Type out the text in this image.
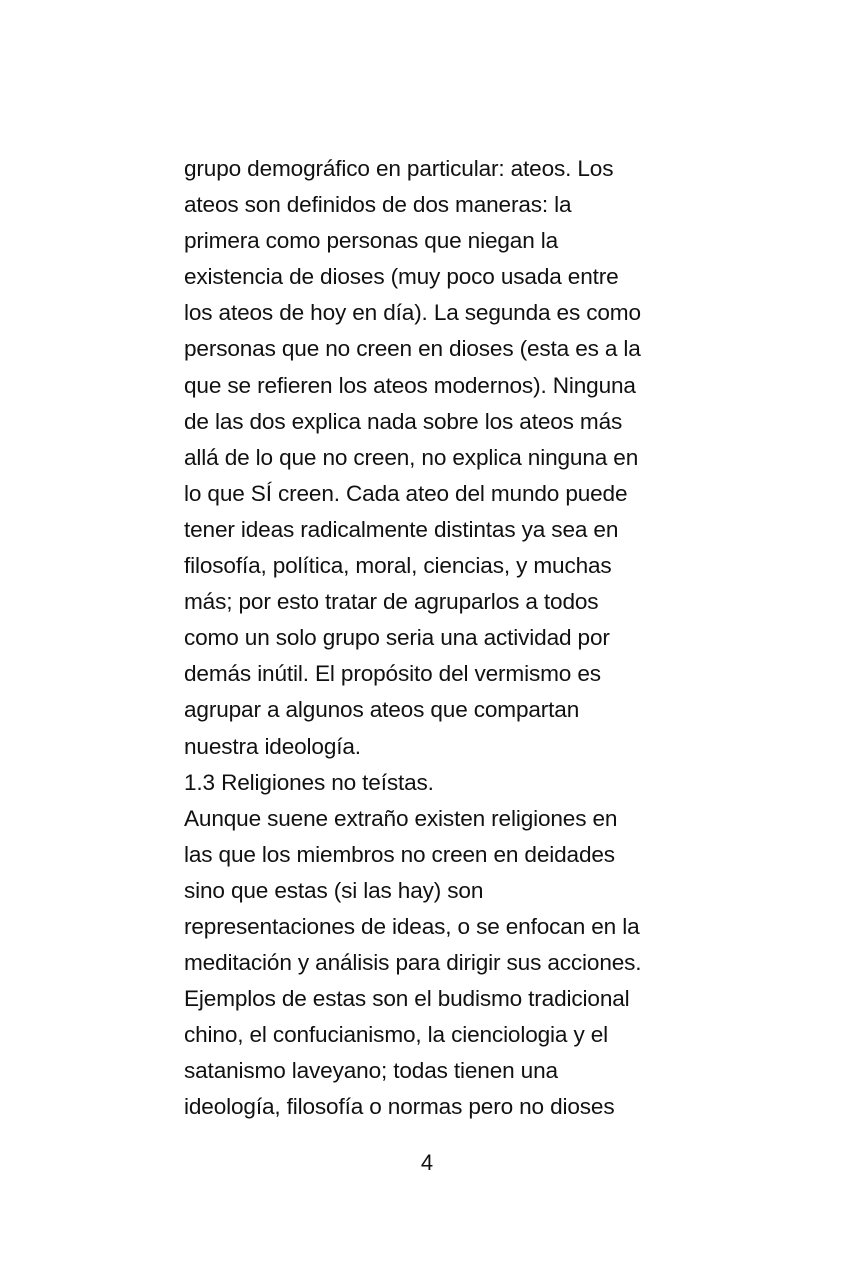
grupo demográfico en particular: ateos. Los
ateos son definidos de dos maneras: la
primera como personas que niegan la
existencia de dioses (muy poco usada entre
los ateos de hoy en día). La segunda es como
personas que no creen en dioses (esta es a la
que se refieren los ateos modernos). Ninguna
de las dos explica nada sobre los ateos más
allá de lo que no creen, no explica ninguna en
lo que SÍ creen. Cada ateo del mundo puede
tener ideas radicalmente distintas ya sea en
filosofía, política, moral, ciencias, y muchas
más; por esto tratar de agruparlos a todos
como un solo grupo seria una actividad por
demás inútil. El propósito del vermismo es
agrupar a algunos ateos que compartan
nuestra ideología.
1.3 Religiones no teístas.
Aunque suene extraño existen religiones en
las que los miembros no creen en deidades
sino que estas (si las hay) son
representaciones de ideas, o se enfocan en la
meditación y análisis para dirigir sus acciones.
Ejemplos de estas son el budismo tradicional
chino, el confucianismo, la cienciologia y el
satanismo laveyano; todas tienen una
ideología, filosofía o normas pero no dioses
4
